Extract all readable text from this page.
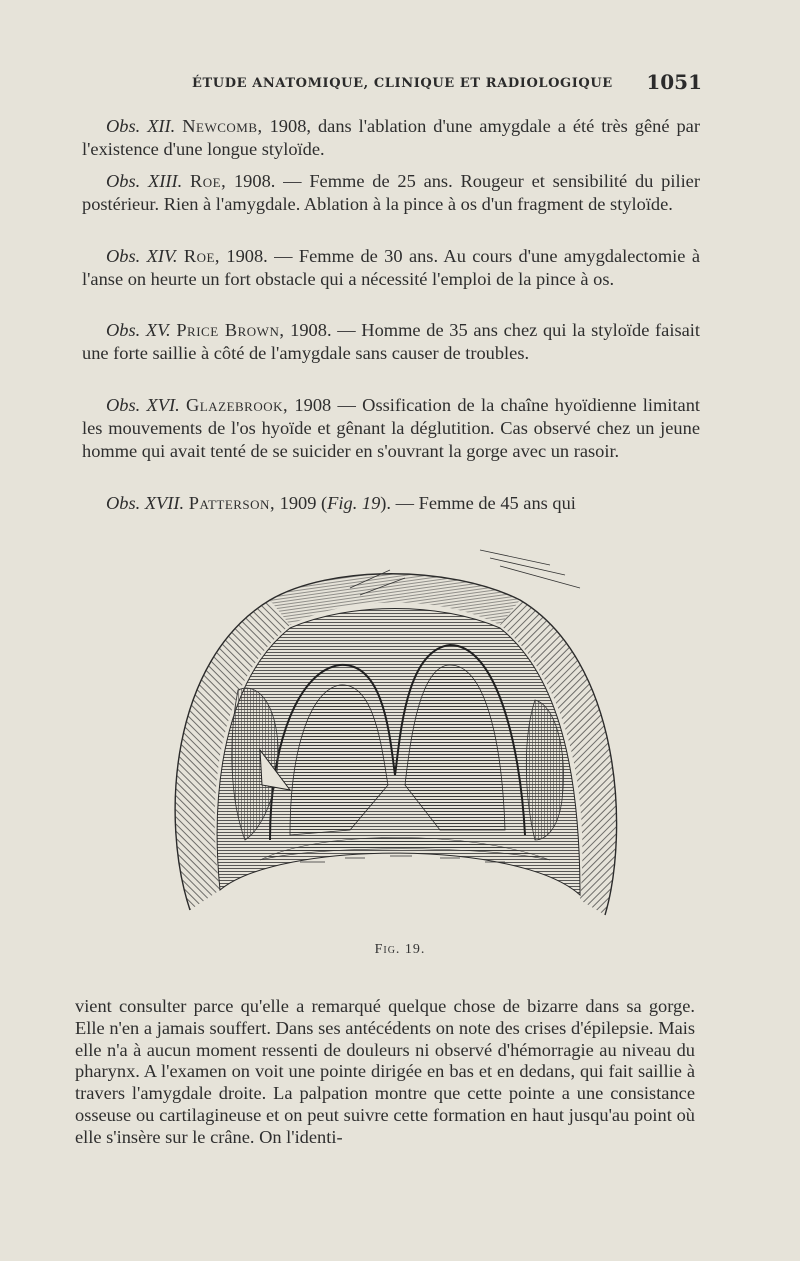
ÉTUDE ANATOMIQUE, CLINIQUE ET RADIOLOGIQUE 1051
Obs. XII. Newcomb, 1908, dans l'ablation d'une amygdale a été très gêné par l'existence d'une longue styloïde.
Obs. XIII. Roe, 1908. — Femme de 25 ans. Rougeur et sensibilité du pilier postérieur. Rien à l'amygdale. Ablation à la pince à os d'un fragment de styloïde.
Obs. XIV. Roe, 1908. — Femme de 30 ans. Au cours d'une amygdalectomie à l'anse on heurte un fort obstacle qui a nécessité l'emploi de la pince à os.
Obs. XV. Price Brown, 1908. — Homme de 35 ans chez qui la styloïde faisait une forte saillie à côté de l'amygdale sans causer de troubles.
Obs. XVI. Glazebrook, 1908 — Ossification de la chaîne hyoïdienne limitant les mouvements de l'os hyoïde et gênant la déglutition. Cas observé chez un jeune homme qui avait tenté de se suicider en s'ouvrant la gorge avec un rasoir.
Obs. XVII. Patterson, 1909 (Fig. 19). — Femme de 45 ans qui
Fig. 19.
vient consulter parce qu'elle a remarqué quelque chose de bizarre dans sa gorge. Elle n'en a jamais souffert. Dans ses antécédents on note des crises d'épilepsie. Mais elle n'a à aucun moment ressenti de douleurs ni observé d'hémorragie au niveau du pharynx. A l'examen on voit une pointe dirigée en bas et en dedans, qui fait saillie à travers l'amygdale droite. La palpation montre que cette pointe a une consistance osseuse ou cartilagineuse et on peut suivre cette formation en haut jusqu'au point où elle s'insère sur le crâne. On l'identi-
